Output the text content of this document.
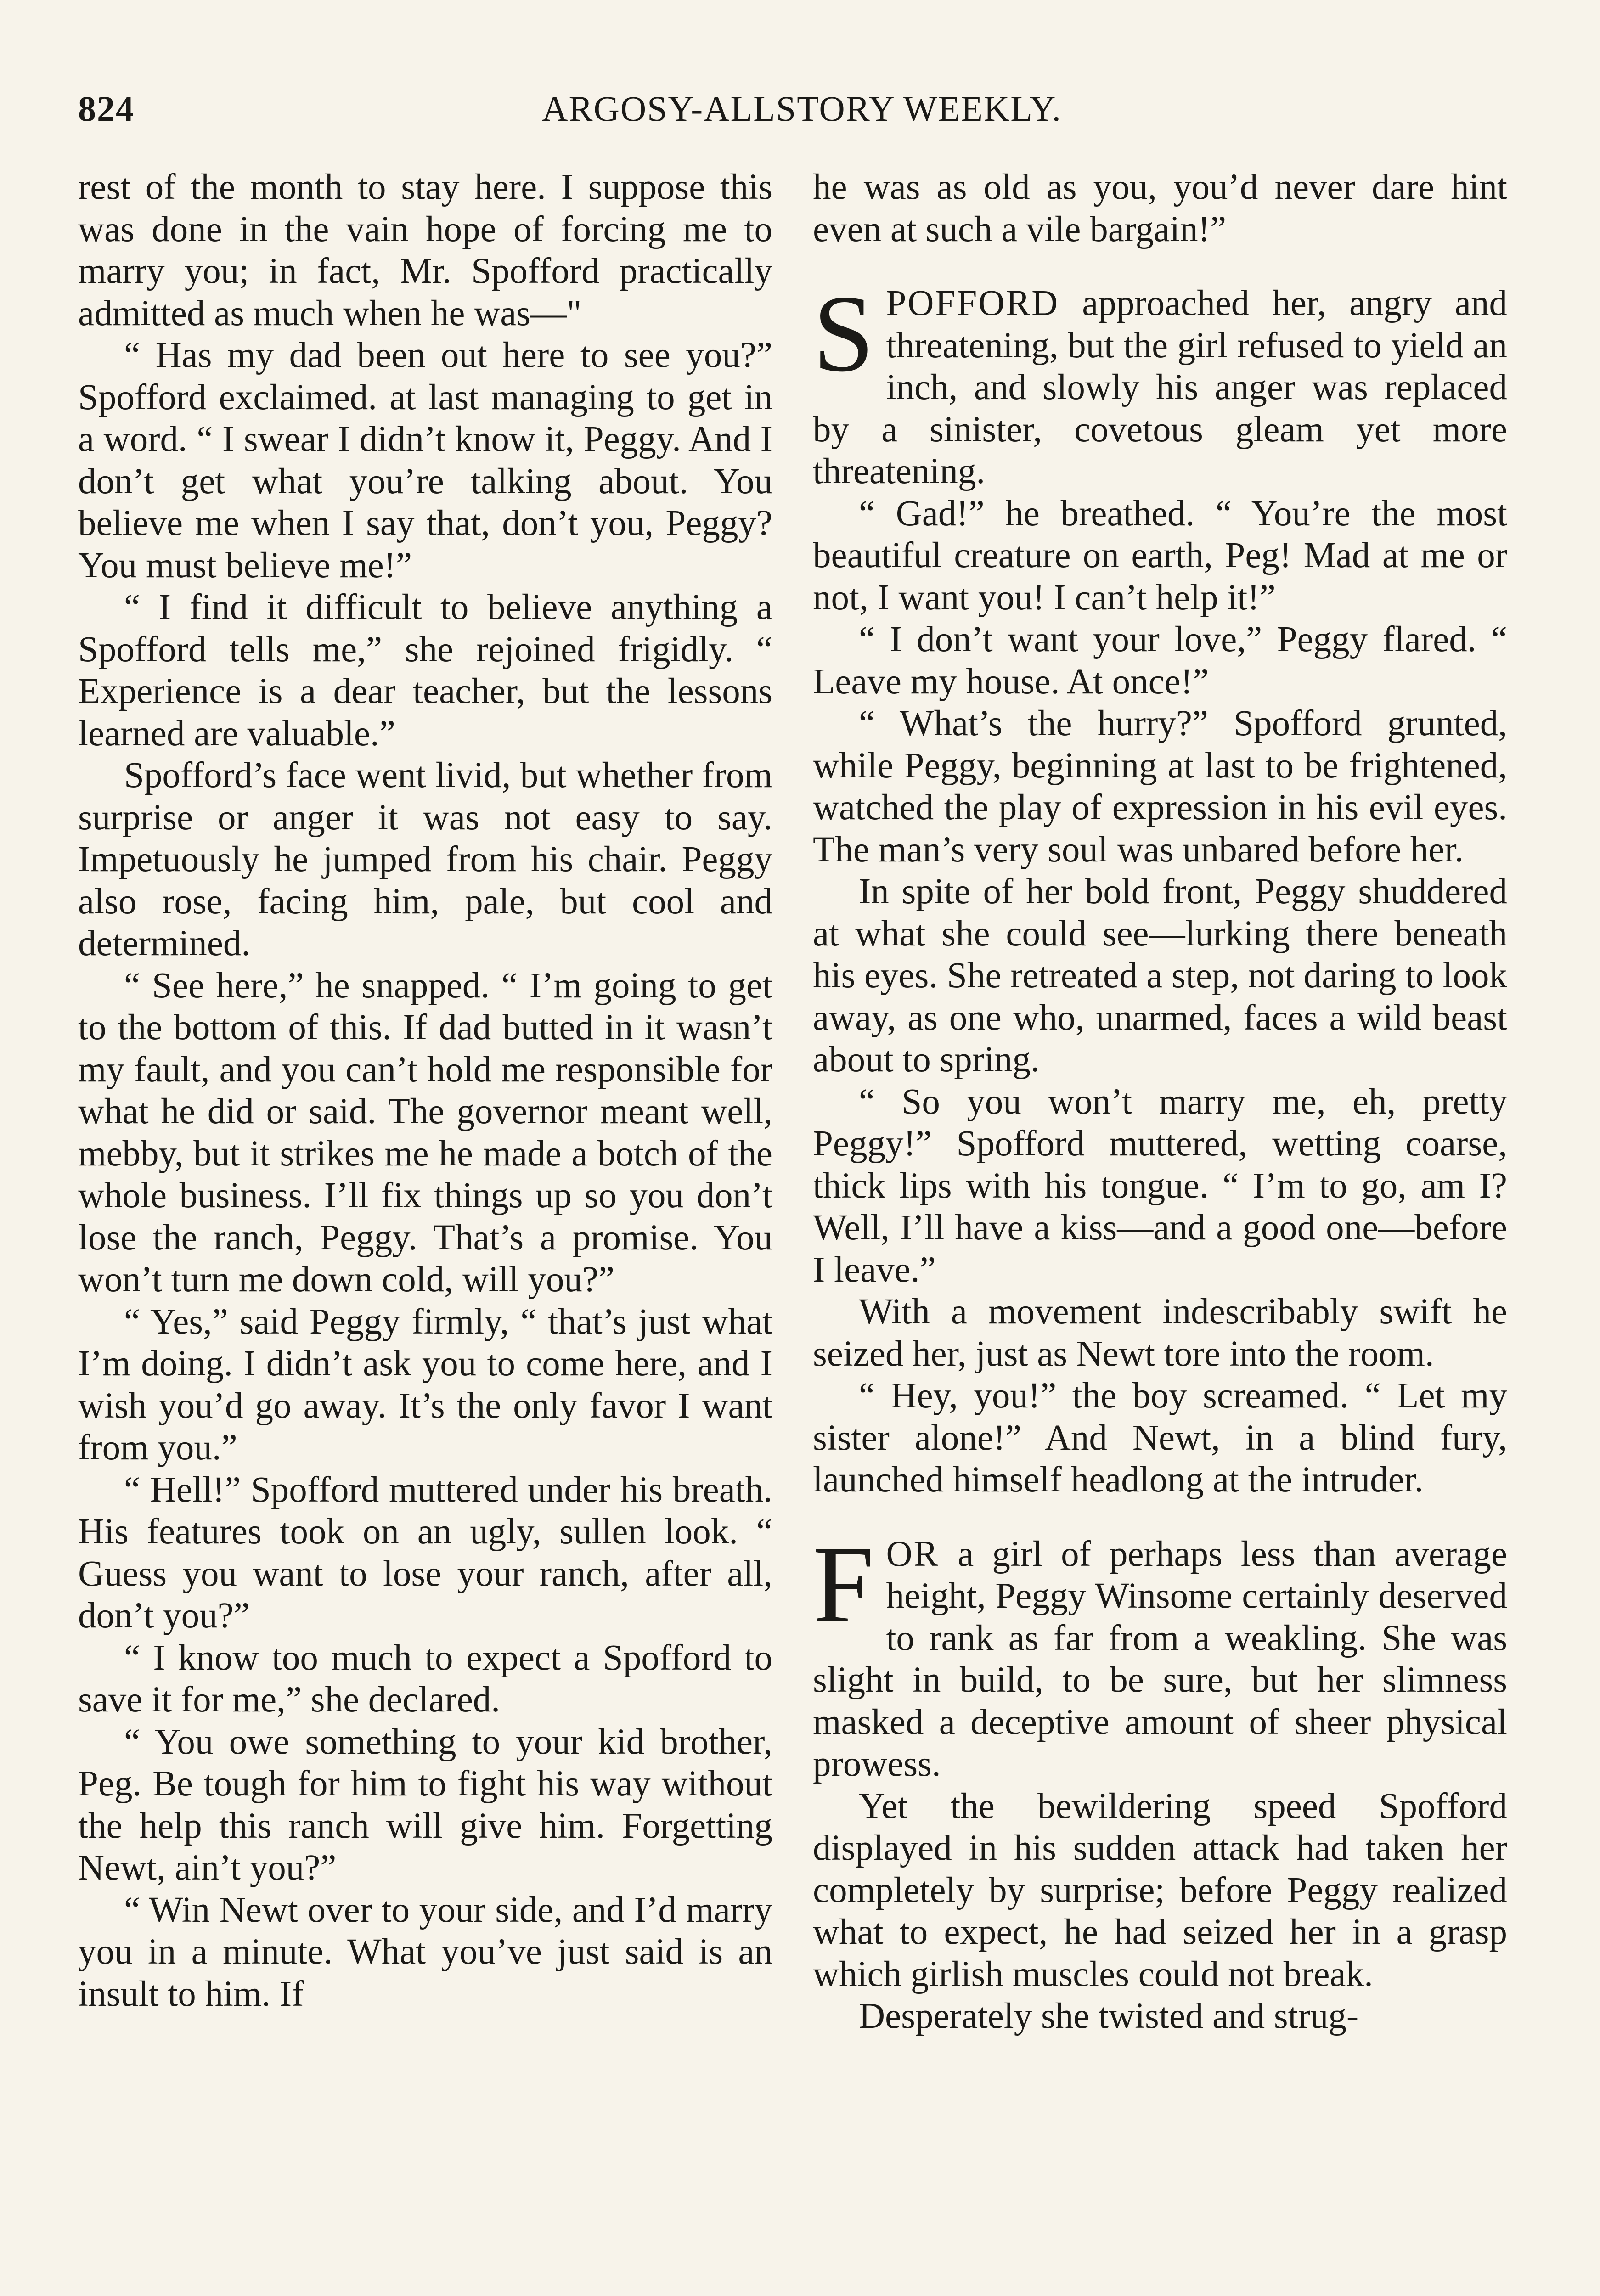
824	ARGOSY-ALLSTORY WEEKLY.

rest of the month to stay here. I suppose this was done in the vain hope of forcing me to marry you; in fact, Mr. Spofford practically admitted as much when he was—"

“ Has my dad been out here to see you?” Spofford exclaimed. at last managing to get in a word. “ I swear I didn’t know it, Peggy. And I don’t get what you’re talking about. You believe me when I say that, don’t you, Peggy? You must believe me!”

“ I find it difficult to believe anything a Spofford tells me,” she rejoined frigidly. “ Experience is a dear teacher, but the lessons learned are valuable.”

Spofford’s face went livid, but whether from surprise or anger it was not easy to say. Impetuously he jumped from his chair. Peggy also rose, facing him, pale, but cool and determined.

“ See here,” he snapped. “ I’m going to get to the bottom of this. If dad butted in it wasn’t my fault, and you can’t hold me responsible for what he did or said. The governor meant well, mebby, but it strikes me he made a botch of the whole business. I’ll fix things up so you don’t lose the ranch, Peggy. That’s a promise. You won’t turn me down cold, will you?”

“ Yes,” said Peggy firmly, “ that’s just what I’m doing. I didn’t ask you to come here, and I wish you’d go away. It’s the only favor I want from you.”

“ Hell!” Spofford muttered under his breath. His features took on an ugly, sullen look. “ Guess you want to lose your ranch, after all, don’t you?”

“ I know too much to expect a Spofford to save it for me,” she declared.

“ You owe something to your kid brother, Peg. Be tough for him to fight his way without the help this ranch will give him. Forgetting Newt, ain’t you?”

“ Win Newt over to your side, and I’d marry you in a minute. What you’ve just said is an insult to him. If

he was as old as you, you’d never dare hint even at such a vile bargain!”

SPOFFORD approached her, angry and threatening, but the girl refused to yield an inch, and slowly his anger was replaced by a sinister, covetous gleam yet more threatening.

“ Gad!” he breathed. “ You’re the most beautiful creature on earth, Peg! Mad at me or not, I want you! I can’t help it!”

“ I don’t want your love,” Peggy flared. “ Leave my house. At once!”

“ What’s the hurry?” Spofford grunted, while Peggy, beginning at last to be frightened, watched the play of expression in his evil eyes. The man’s very soul was unbared before her.

In spite of her bold front, Peggy shuddered at what she could see—lurking there beneath his eyes. She retreated a step, not daring to look away, as one who, unarmed, faces a wild beast about to spring.

“ So you won’t marry me, eh, pretty Peggy!” Spofford muttered, wetting coarse, thick lips with his tongue. “ I’m to go, am I? Well, I’ll have a kiss—and a good one—before I leave.”

With a movement indescribably swift he seized her, just as Newt tore into the room.

“ Hey, you!” the boy screamed. “ Let my sister alone!” And Newt, in a blind fury, launched himself headlong at the intruder.

FOR a girl of perhaps less than average height, Peggy Winsome certainly deserved to rank as far from a weakling. She was slight in build, to be sure, but her slimness masked a deceptive amount of sheer physical prowess.

Yet the bewildering speed Spofford displayed in his sudden attack had taken her completely by surprise; before Peggy realized what to expect, he had seized her in a grasp which girlish muscles could not break.

Desperately she twisted and strug-
